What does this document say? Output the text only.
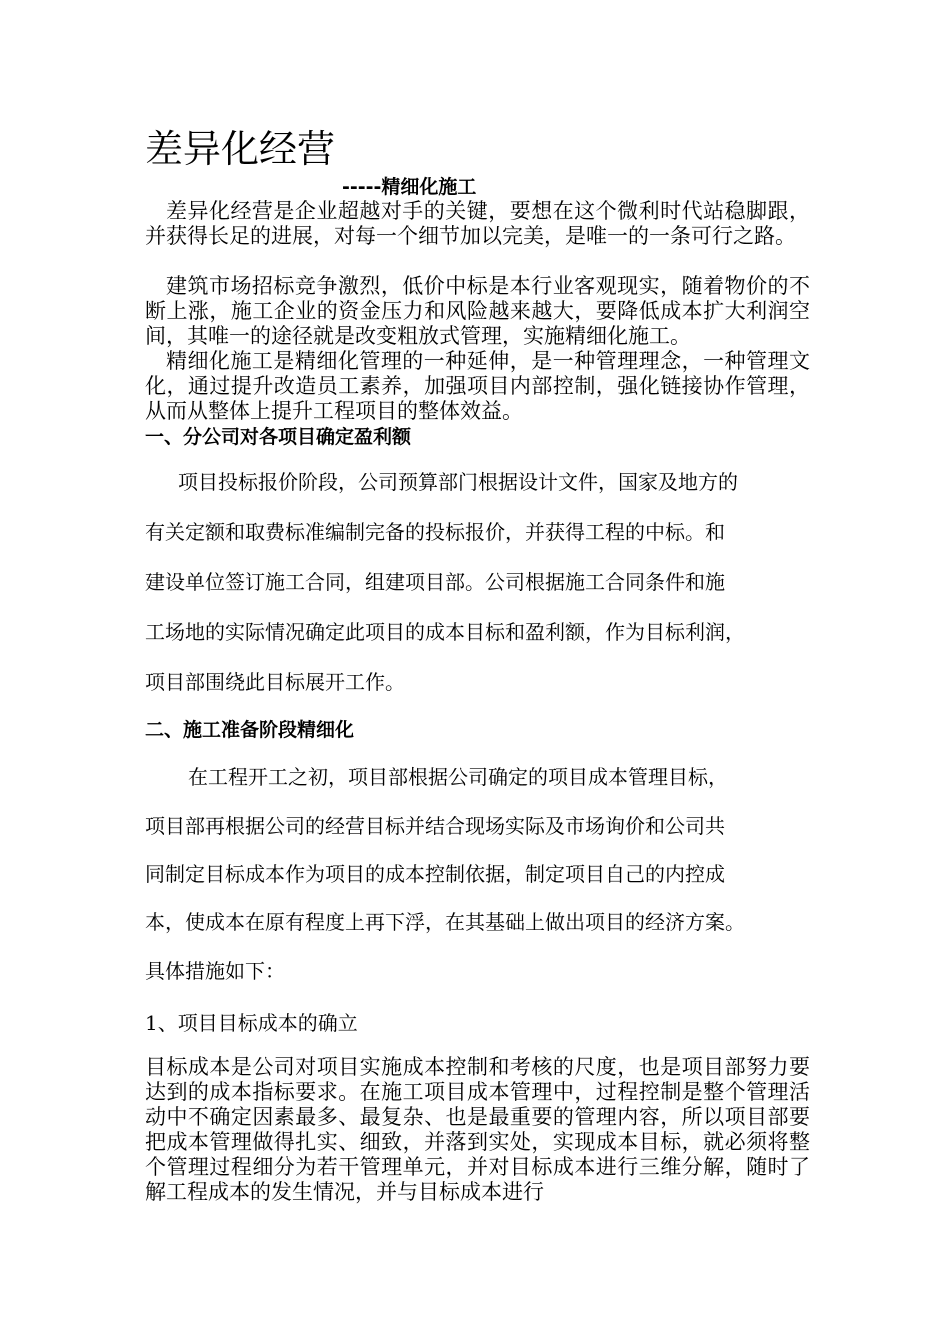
差异化经营

-----精细化施工

差异化经营是企业超越对手的关键，要想在这个微利时代站稳脚跟，并获得长足的进展，对每一个细节加以完美，是唯一的一条可行之路。

建筑市场招标竞争激烈，低价中标是本行业客观现实，随着物价的不断上涨，施工企业的资金压力和风险越来越大，要降低成本扩大利润空间，其唯一的途径就是改变粗放式管理，实施精细化施工。

精细化施工是精细化管理的一种延伸，是一种管理理念，一种管理文化，通过提升改造员工素养，加强项目内部控制，强化链接协作管理，从而从整体上提升工程项目的整体效益。

一、分公司对各项目确定盈利额

项目投标报价阶段，公司预算部门根据设计文件，国家及地方的

有关定额和取费标准编制完备的投标报价，并获得工程的中标。和

建设单位签订施工合同，组建项目部。公司根据施工合同条件和施

工场地的实际情况确定此项目的成本目标和盈利额，作为目标利润，

项目部围绕此目标展开工作。

二、施工准备阶段精细化

在工程开工之初，项目部根据公司确定的项目成本管理目标，

项目部再根据公司的经营目标并结合现场实际及市场询价和公司共

同制定目标成本作为项目的成本控制依据，制定项目自己的内控成

本，使成本在原有程度上再下浮，在其基础上做出项目的经济方案。

具体措施如下：

1、项目目标成本的确立

目标成本是公司对项目实施成本控制和考核的尺度，也是项目部努力要达到的成本指标要求。在施工项目成本管理中，过程控制是整个管理活动中不确定因素最多、最复杂、也是最重要的管理内容，所以项目部要把成本管理做得扎实、细致，并落到实处，实现成本目标，就必须将整个管理过程细分为若干管理单元，并对目标成本进行三维分解，随时了解工程成本的发生情况，并与目标成本进行
